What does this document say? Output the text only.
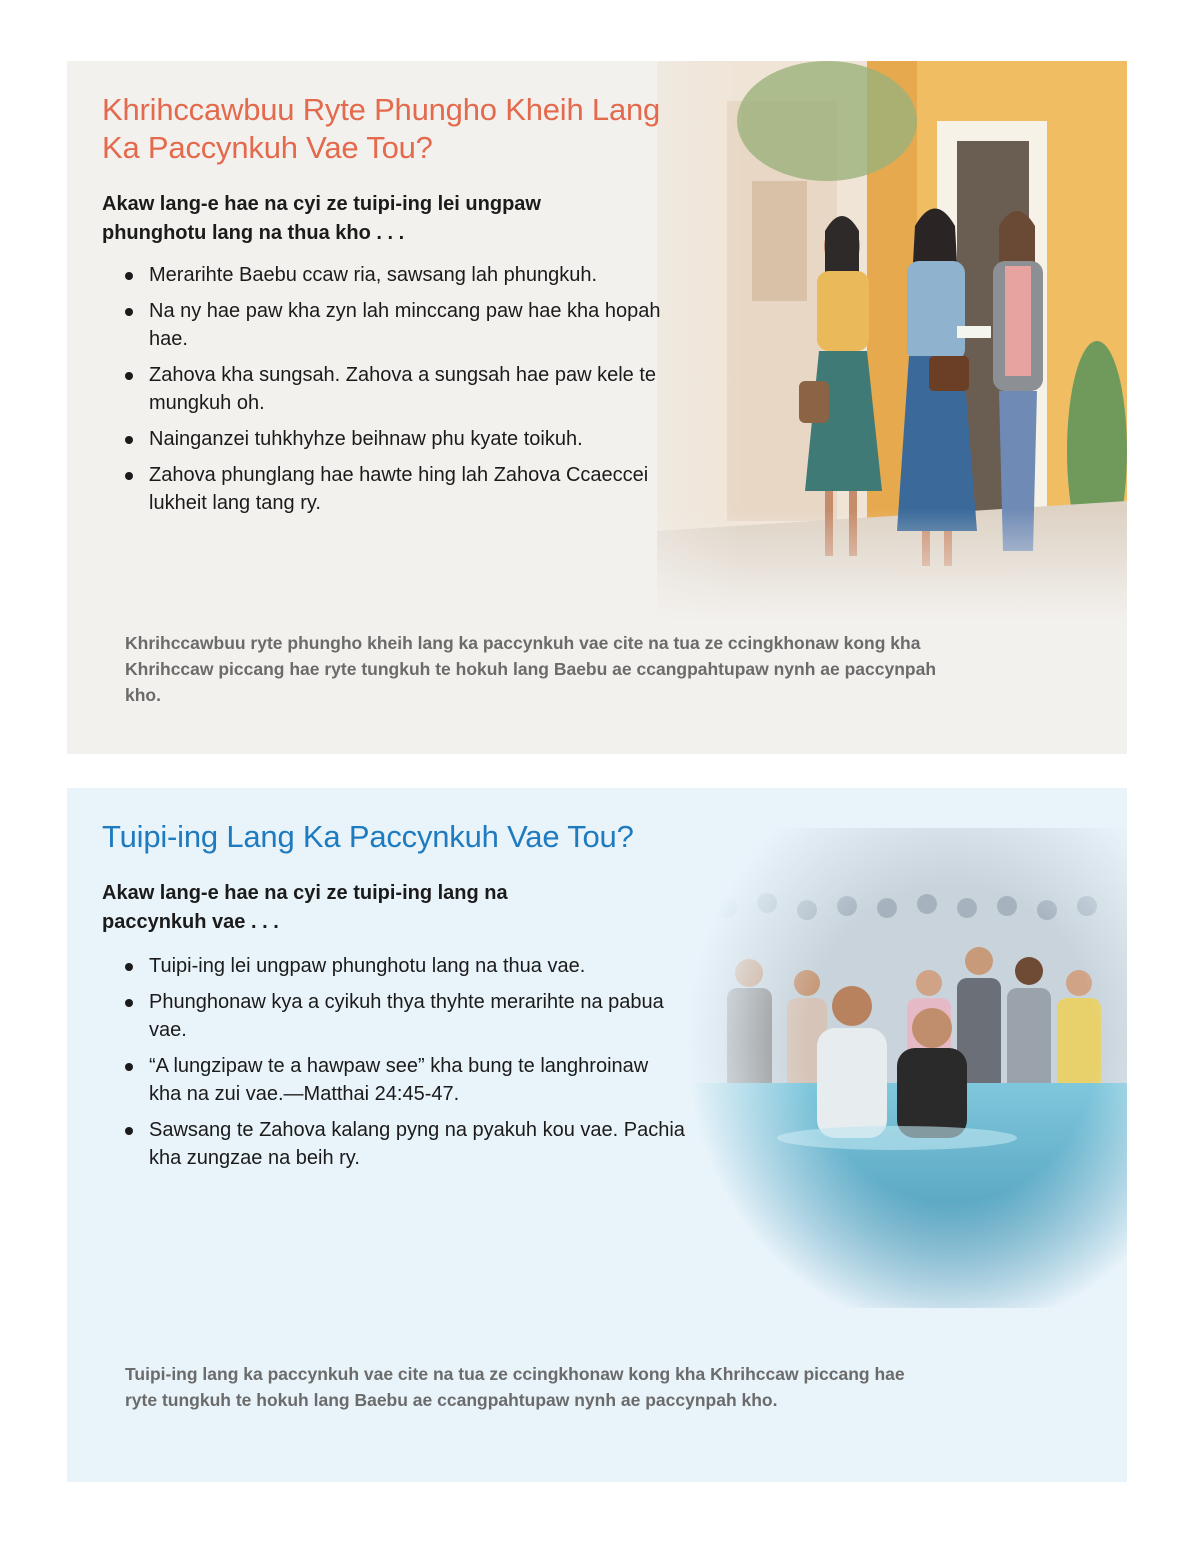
Khrihccawbuu Ryte Phungho Kheih Lang Ka Paccynkuh Vae Tou?

Akaw lang-e hae na cyi ze tuipi-ing lei ungpaw phunghotu lang na thua kho . . .

Merarihte Baebu ccaw ria, sawsang lah phungkuh.
Na ny hae paw kha zyn lah minccang paw hae kha hopah hae.
Zahova kha sungsah. Zahova a sungsah hae paw kele te mungkuh oh.
Nainganzei tuhkhyhze beihnaw phu kyate toikuh.
Zahova phunglang hae hawte hing lah Zahova Ccaeccei lukheit lang tang ry.

Khrihccawbuu ryte phungho kheih lang ka paccynkuh vae cite na tua ze ccingkhonaw kong kha Khrihccaw piccang hae ryte tungkuh te hokuh lang Baebu ae ccangpahtupaw nynh ae paccynpah kho.

Tuipi-ing Lang Ka Paccynkuh Vae Tou?

Akaw lang-e hae na cyi ze tuipi-ing lang na paccynkuh vae . . .

Tuipi-ing lei ungpaw phunghotu lang na thua vae.
Phunghonaw kya a cyikuh thya thyhte merarihte na pabua vae.
“A lungzipaw te a hawpaw see” kha bung te langhroinaw kha na zui vae.—Matthai 24:45-47.
Sawsang te Zahova kalang pyng na pyakuh kou vae. Pachia kha zungzae na beih ry.

Tuipi-ing lang ka paccynkuh vae cite na tua ze ccingkhonaw kong kha Khrihccaw piccang hae ryte tungkuh te hokuh lang Baebu ae ccangpahtupaw nynh ae paccynpah kho.
